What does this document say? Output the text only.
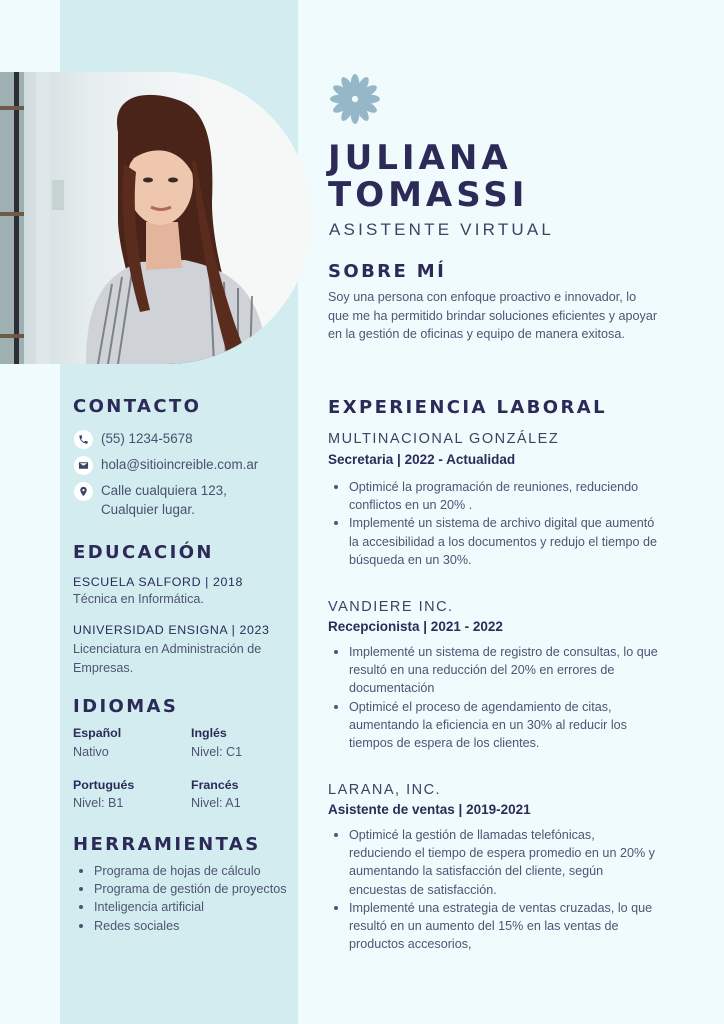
JULIANA
TOMASSI
ASISTENTE VIRTUAL
SOBRE MÍ
Soy una persona con enfoque proactivo e innovador, lo que me ha permitido brindar soluciones eficientes y apoyar en la gestión de oficinas y equipo de manera exitosa.
CONTACTO
(55) 1234-5678
hola@sitioincreible.com.ar
Calle cualquiera 123,
Cualquier lugar.
EDUCACIÓN
ESCUELA SALFORD | 2018
Técnica en Informática.
UNIVERSIDAD ENSIGNA | 2023
Licenciatura en Administración de Empresas.
IDIOMAS
Español
Nativo
Inglés
Nivel: C1
Portugués
Nivel: B1
Francés
Nivel: A1
HERRAMIENTAS
Programa de hojas de cálculo
Programa de gestión de proyectos
Inteligencia artificial
Redes sociales
EXPERIENCIA LABORAL
MULTINACIONAL GONZÁLEZ
Secretaria | 2022 - Actualidad
Optimicé la programación de reuniones, reduciendo conflictos en un 20% .
Implementé un sistema de archivo digital que aumentó la accesibilidad a los documentos y redujo el tiempo de búsqueda en un 30%.
VANDIERE INC.
Recepcionista | 2021 - 2022
Implementé un sistema de registro de consultas, lo que resultó en una reducción del 20% en errores de documentación
Optimicé el proceso de agendamiento de citas, aumentando la eficiencia en un 30% al reducir los tiempos de espera de los clientes.
LARANA, INC.
Asistente de ventas | 2019-2021
Optimicé la gestión de llamadas telefónicas, reduciendo el tiempo de espera promedio en un 20% y aumentando la satisfacción del cliente, según encuestas de satisfacción.
Implementé una estrategia de ventas cruzadas, lo que resultó en un aumento del 15% en las ventas de productos accesorios,
